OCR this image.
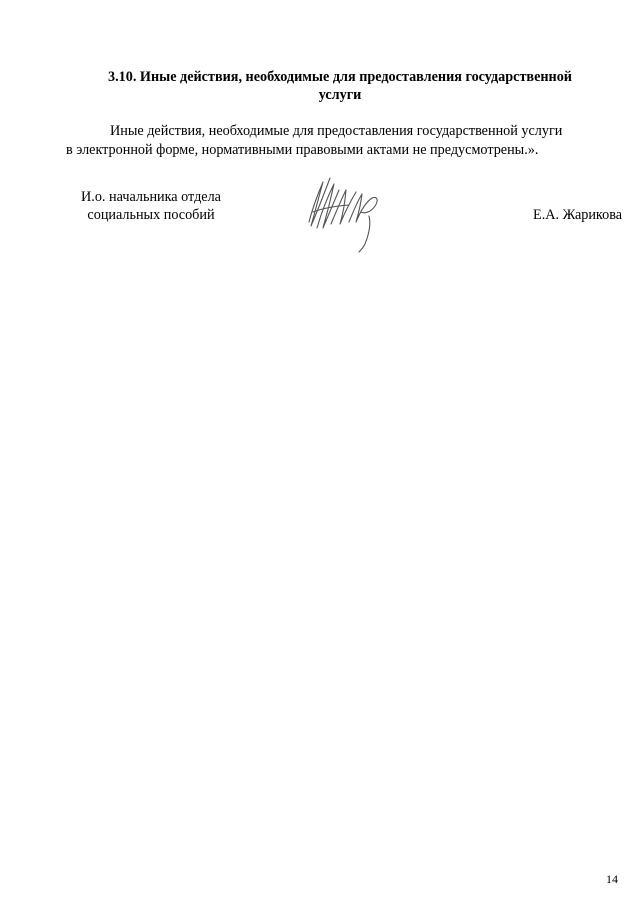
3.10. Иные действия, необходимые для предоставления государственной
услуги
Иные действия, необходимые для предоставления государственной услуги
в электронной форме, нормативными правовыми актами не предусмотрены.».
И.о. начальника отдела
социальных пособий	Е.А. Жарикова
14
